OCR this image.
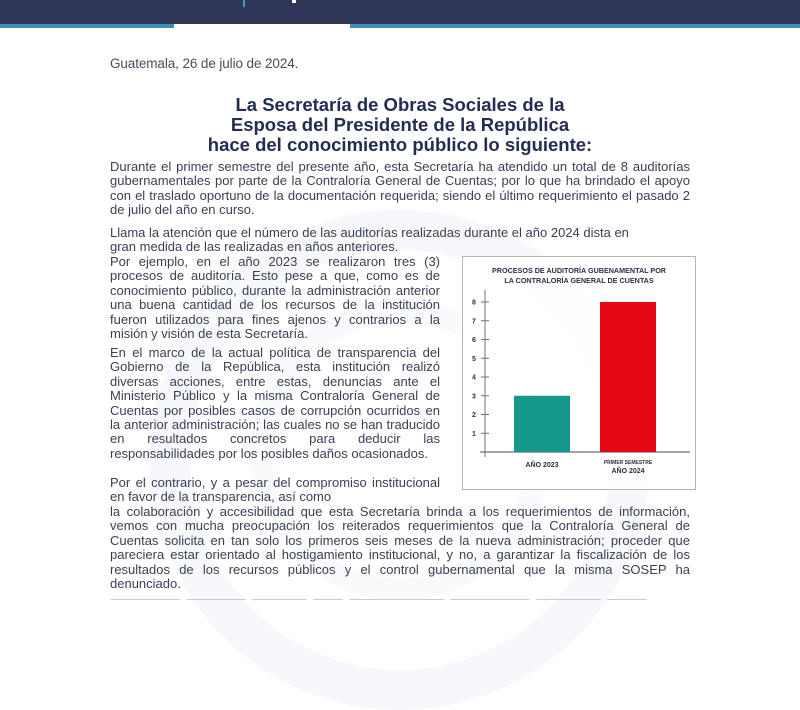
Guatemala, 26 de julio de 2024.
La Secretaría de Obras Sociales de la
Esposa del Presidente de la República
hace del conocimiento público lo siguiente:

Durante el primer semestre del presente año, esta Secretaría ha atendido un total de 8 auditorías gubernamentales por parte de la Contraloría General de Cuentas; por lo que ha brindado el apoyo con el traslado oportuno de la documentación requerida; siendo el último requerimiento el pasado 2 de julio del año en curso.

Llama la atención que el número de las auditorías realizadas durante el año 2024 dista en
gran medida de las realizadas en años anteriores.

Por ejemplo, en el año 2023 se realizaron tres (3) procesos de auditoría. Esto pese a que, como es de conocimiento público, durante la administración anterior una buena cantidad de los recursos de la institución fueron utilizados para fines ajenos y contrarios a la misión y visión de esta Secretaría.

En el marco de la actual política de transparencia del Gobierno de la República, esta institución realizó diversas acciones, entre estas, denuncias ante el Ministerio Público y la misma Contraloría General de Cuentas por posibles casos de corrupción ocurridos en la anterior administración; las cuales no se han traducido en resultados concretos para deducir las responsabilidades por los posibles daños ocasionados.

Por el contrario, y a pesar del compromiso institucional en favor de la transparencia, así como

la colaboración y accesibilidad que esta Secretaría brinda a los requerimientos de información, vemos con mucha preocupación los reiterados requerimientos que la Contraloría General de Cuentas solicita en tan solo los primeros seis meses de la nueva administración; proceder que pareciera estar orientado al hostigamiento institucional, y no, a garantizar la fiscalización de los resultados de los recursos públicos y el control gubernamental que la misma SOSEP ha denunciado.

PROCESOS DE AUDITORÍA GUBENAMENTAL POR
LA CONTRALORÍA GENERAL DE CUENTAS
1
2
3
4
5
6
7
8
AÑO 2023	PRIMER SEMESTRE
AÑO 2024
